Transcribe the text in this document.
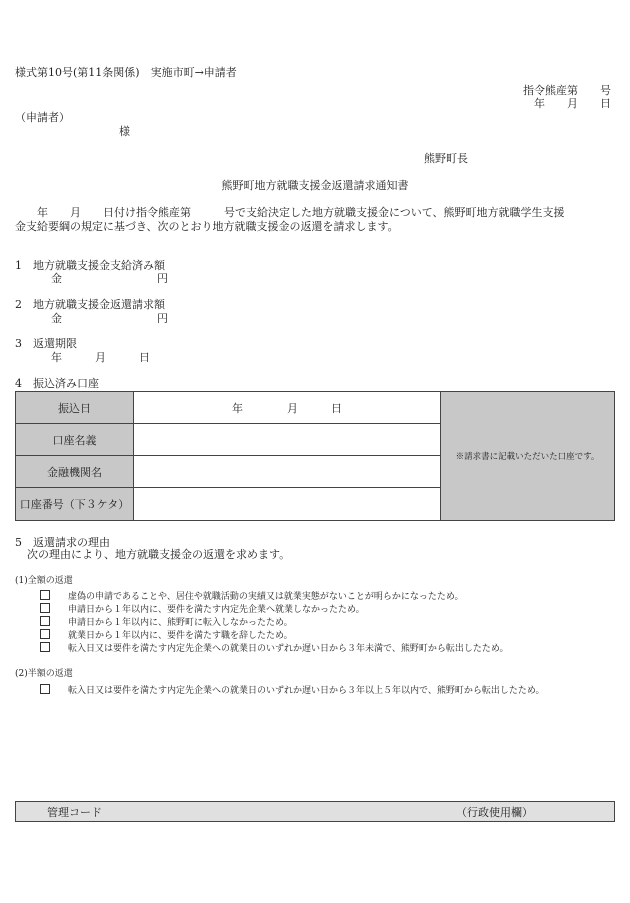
様式第10号(第11条関係)　実施市町→申請者
指令熊産第　　号
年　　月　　日
（申請者）
様
熊野町長
熊野町地方就職支援金返還請求通知書
　　年　　月　　日付け指令熊産第　　　号で支給決定した地方就職支援金について、熊野町地方就職学生支援
金支給要綱の規定に基づき、次のとおり地方就職支援金の返還を請求します。
1　地方就職支援金支給済み額
金	円
2　地方就職支援金返還請求額
金	円
3　返還期限
年　　　月　　　日
4　振込済み口座
振込日	年　　　　月　　　日
口座名義
金融機関名
口座番号（下３ケタ）
※請求書に記載いただいた口座です。
5　返還請求の理由
次の理由により、地方就職支援金の返還を求めます。
(1)全額の返還
虚偽の申請であることや、居住や就職活動の実績又は就業実態がないことが明らかになったため。
申請日から１年以内に、要件を満たす内定先企業へ就業しなかったため。
申請日から１年以内に、熊野町に転入しなかったため。
就業日から１年以内に、要件を満たす職を辞したため。
転入日又は要件を満たす内定先企業への就業日のいずれか遅い日から３年未満で、熊野町から転出したため。
(2)半額の返還
転入日又は要件を満たす内定先企業への就業日のいずれか遅い日から３年以上５年以内で、熊野町から転出したため。
管理コード	（行政使用欄）
